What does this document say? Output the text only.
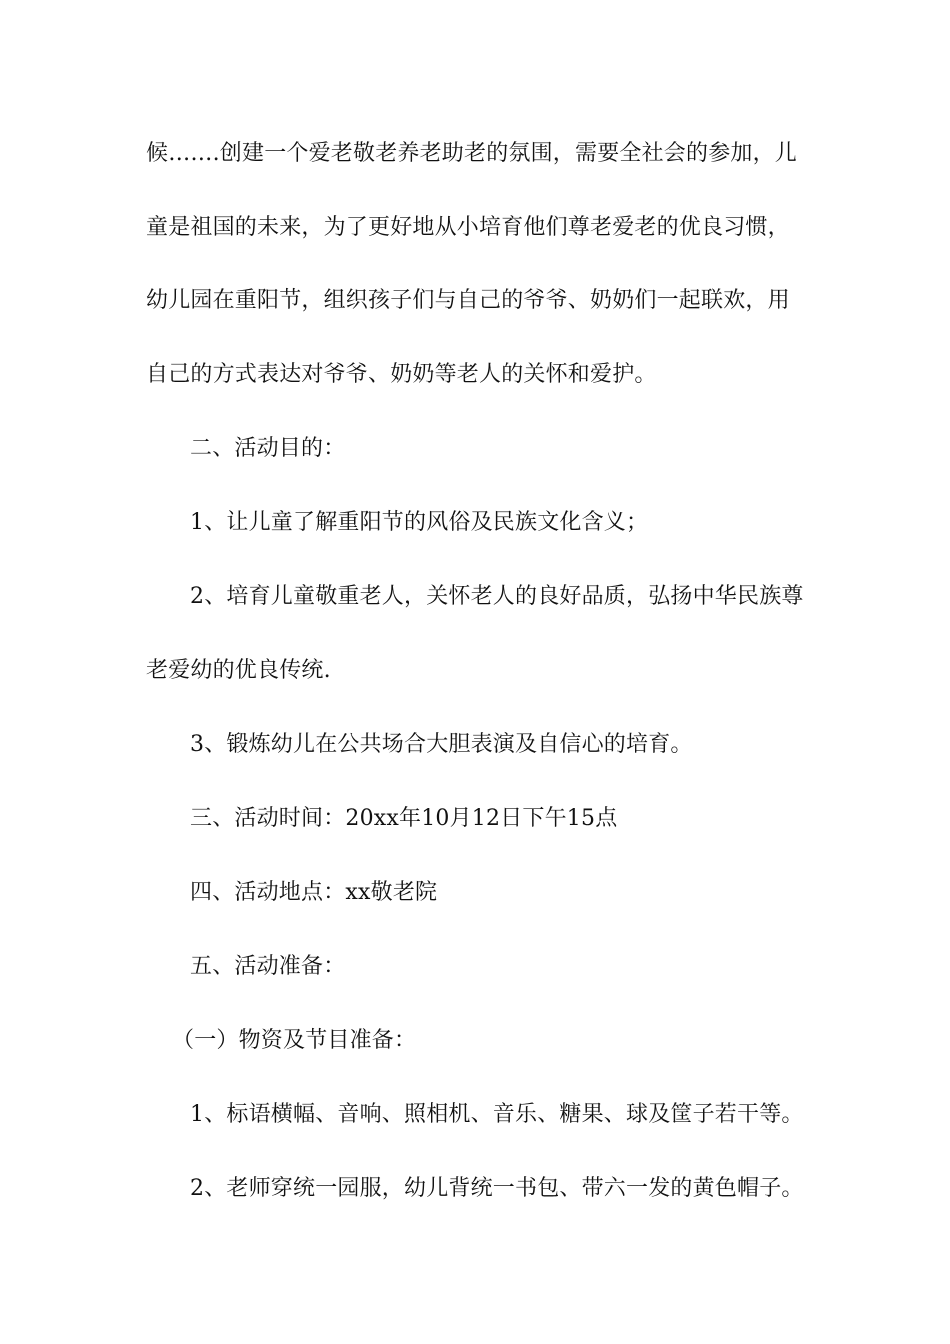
候…….创建一个爱老敬老养老助老的氛围，需要全社会的参加，儿
童是祖国的未来，为了更好地从小培育他们尊老爱老的优良习惯，
幼儿园在重阳节，组织孩子们与自己的爷爷、奶奶们一起联欢，用
自己的方式表达对爷爷、奶奶等老人的关怀和爱护。
二、活动目的：
1、让儿童了解重阳节的风俗及民族文化含义；
2、培育儿童敬重老人，关怀老人的良好品质，弘扬中华民族尊
老爱幼的优良传统.
3、锻炼幼儿在公共场合大胆表演及自信心的培育。
三、活动时间：20xx年10月12日下午15点
四、活动地点：xx敬老院
五、活动准备：
（一）物资及节目准备：
1、标语横幅、音响、照相机、音乐、糖果、球及筐子若干等。
2、老师穿统一园服，幼儿背统一书包、带六一发的黄色帽子。
